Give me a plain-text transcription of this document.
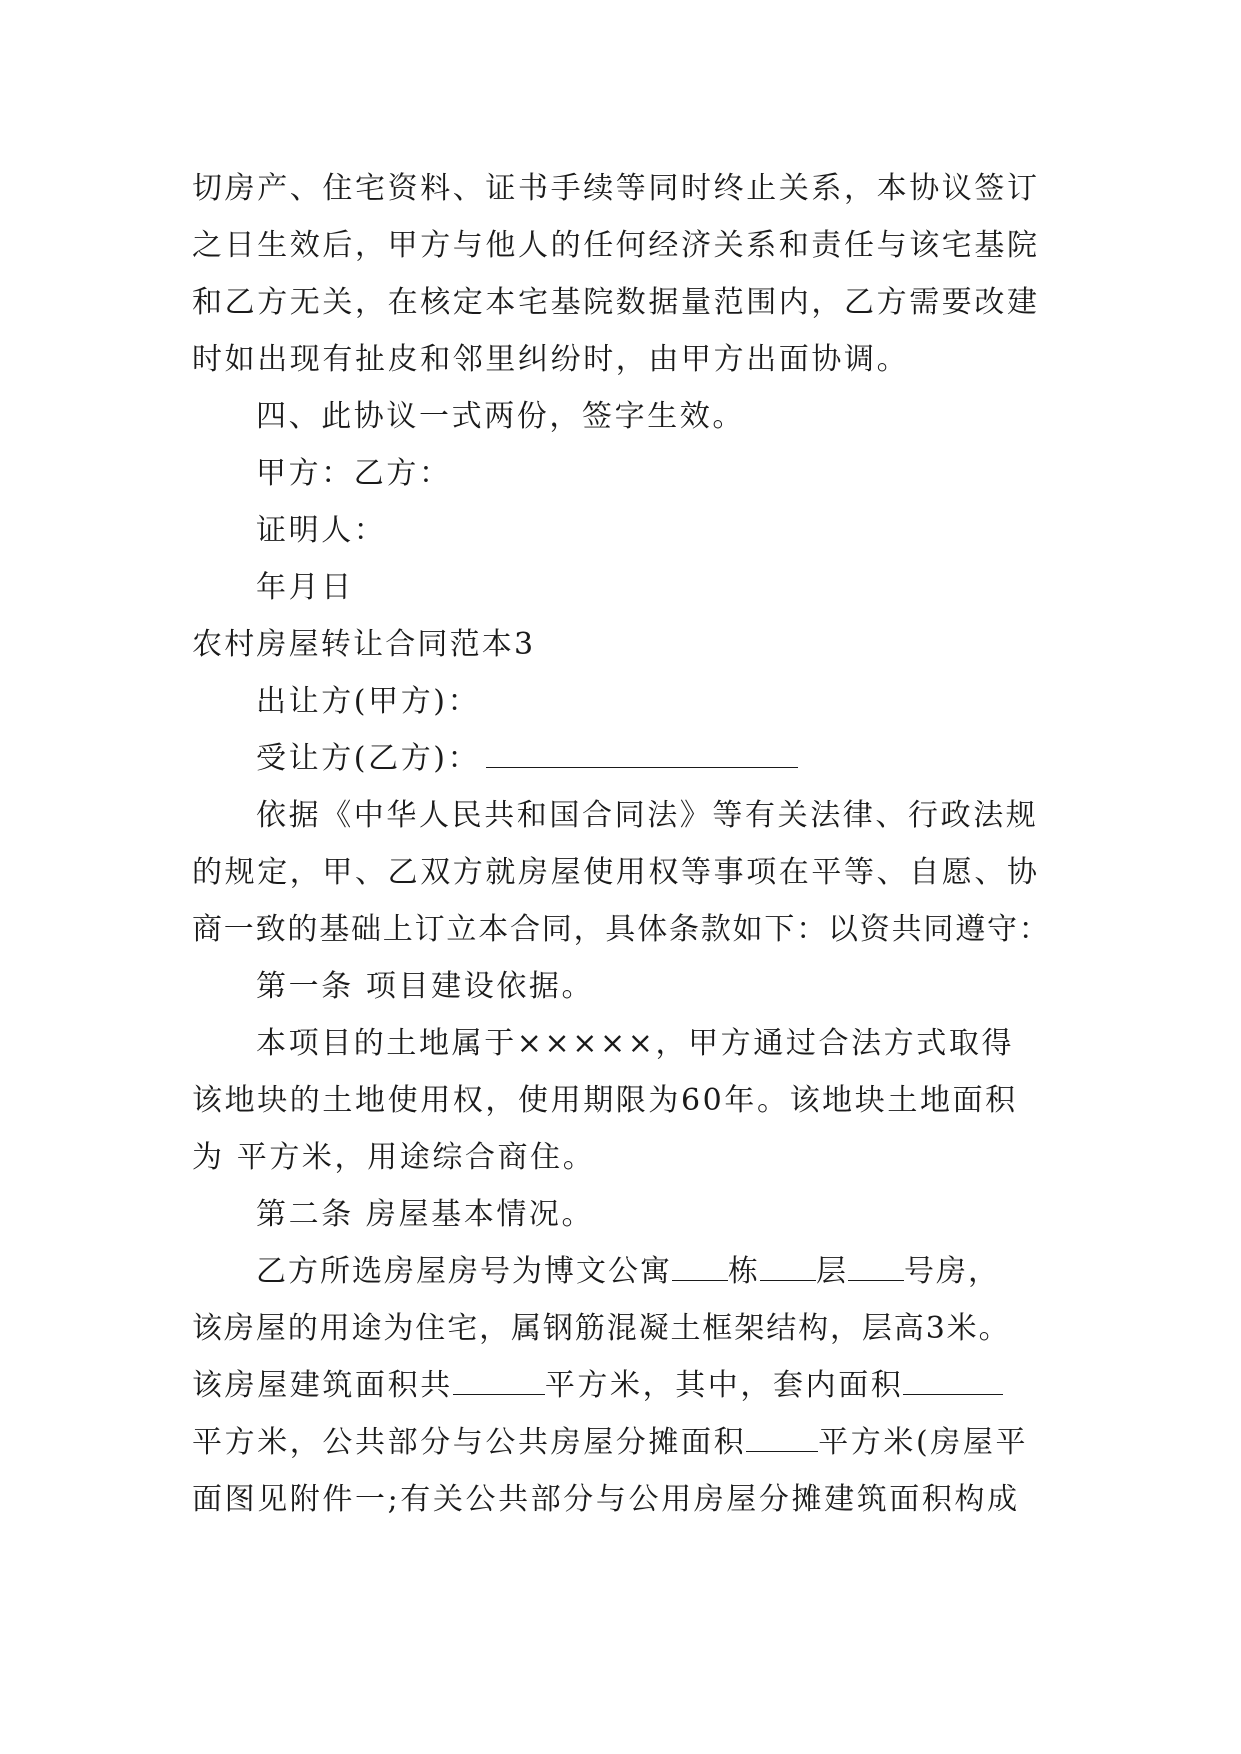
切房产、住宅资料、证书手续等同时终止关系，本协议签订
之日生效后，甲方与他人的任何经济关系和责任与该宅基院
和乙方无关，在核定本宅基院数据量范围内，乙方需要改建
时如出现有扯皮和邻里纠纷时，由甲方出面协调。
四、此协议一式两份，签字生效。
甲方：乙方：
证明人：
年月日
农村房屋转让合同范本3
出让方(甲方)：
受让方(乙方)：
依据《中华人民共和国合同法》等有关法律、行政法规
的规定，甲、乙双方就房屋使用权等事项在平等、自愿、协
商一致的基础上订立本合同，具体条款如下：以资共同遵守：
第一条 项目建设依据。
本项目的土地属于×××××，甲方通过合法方式取得
该地块的土地使用权，使用期限为60年。该地块土地面积
为 平方米，用途综合商住。
第二条 房屋基本情况。
乙方所选房屋房号为博文公寓 栋 层 号房，
该房屋的用途为住宅，属钢筋混凝土框架结构，层高3米。
该房屋建筑面积共	平方米，其中，套内面积
平方米，公共部分与公共房屋分摊面积 平方米(房屋平
面图见附件一;有关公共部分与公用房屋分摊建筑面积构成
